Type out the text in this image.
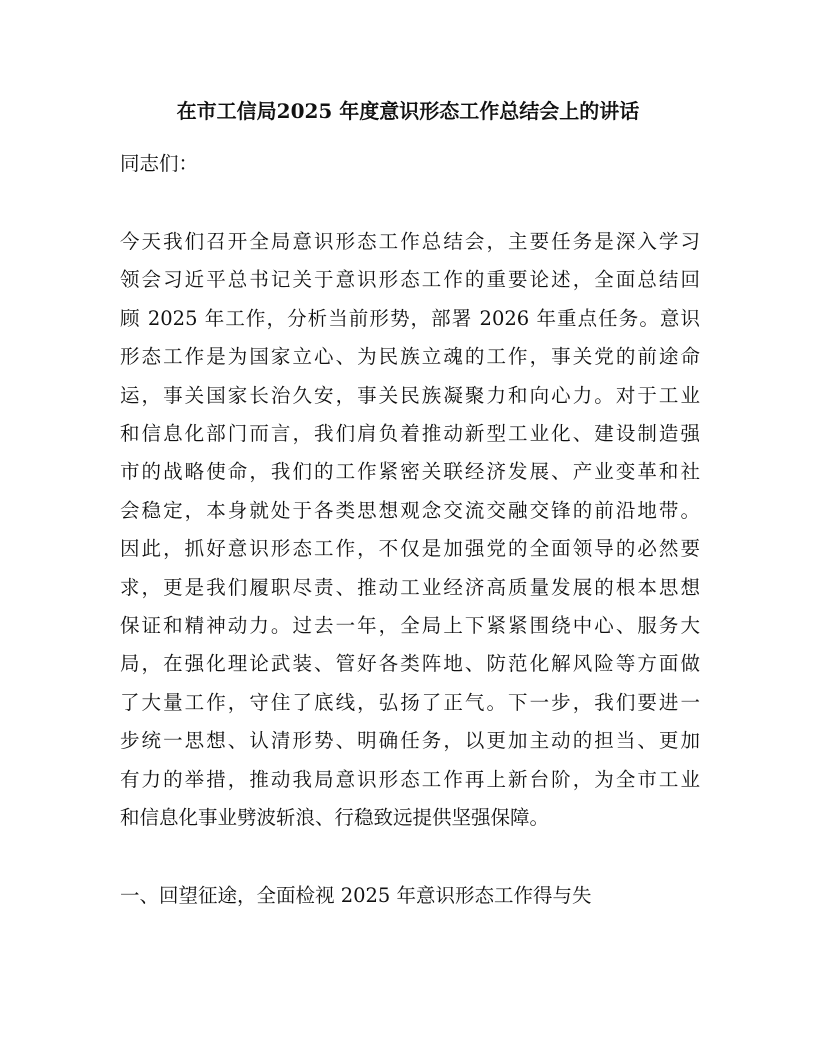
在市工信局2025 年度意识形态工作总结会上的讲话
同志们：
今天我们召开全局意识形态工作总结会，主要任务是深入学习
领会习近平总书记关于意识形态工作的重要论述，全面总结回
顾 2025 年工作，分析当前形势，部署 2026 年重点任务。意识
形态工作是为国家立心、为民族立魂的工作，事关党的前途命
运，事关国家长治久安，事关民族凝聚力和向心力。对于工业
和信息化部门而言，我们肩负着推动新型工业化、建设制造强
市的战略使命，我们的工作紧密关联经济发展、产业变革和社
会稳定，本身就处于各类思想观念交流交融交锋的前沿地带。
因此，抓好意识形态工作，不仅是加强党的全面领导的必然要
求，更是我们履职尽责、推动工业经济高质量发展的根本思想
保证和精神动力。过去一年，全局上下紧紧围绕中心、服务大
局，在强化理论武装、管好各类阵地、防范化解风险等方面做
了大量工作，守住了底线，弘扬了正气。下一步，我们要进一
步统一思想、认清形势、明确任务，以更加主动的担当、更加
有力的举措，推动我局意识形态工作再上新台阶，为全市工业
和信息化事业劈波斩浪、行稳致远提供坚强保障。
一、回望征途，全面检视 2025 年意识形态工作得与失
